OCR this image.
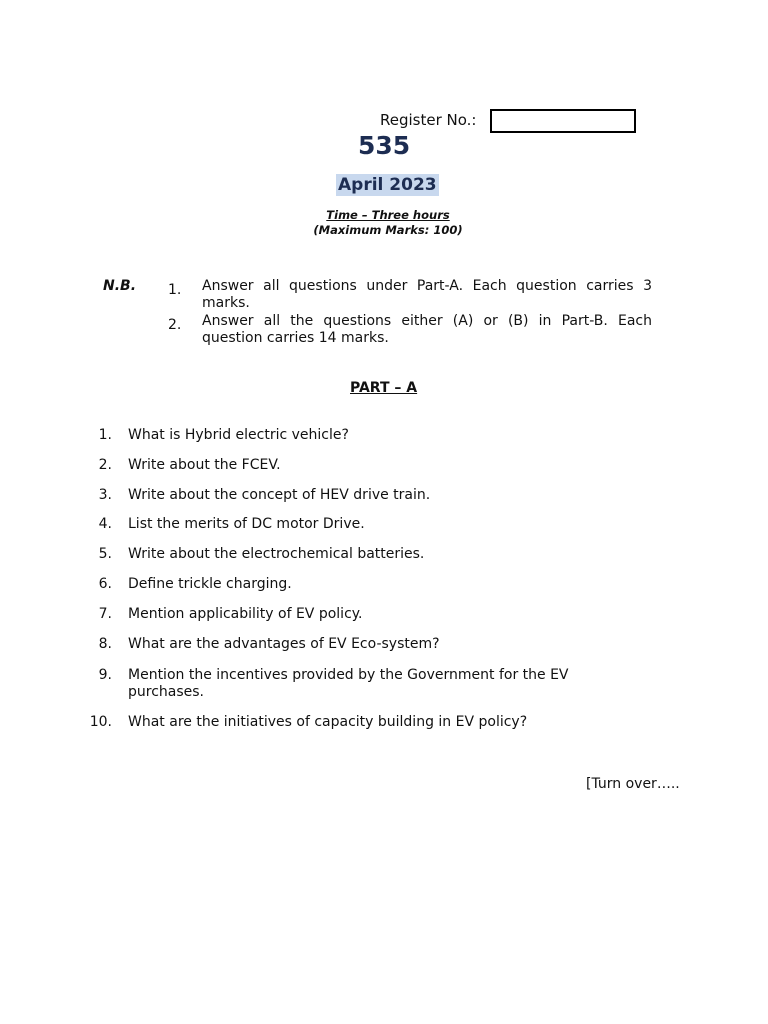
Register No.:
535
April 2023
Time – Three hours
(Maximum Marks: 100)
N.B. 1. Answer all questions under Part-A. Each question carries 3 marks.
2. Answer all the questions either (A) or (B) in Part-B. Each question carries 14 marks.
PART – A
1. What is Hybrid electric vehicle?
2. Write about the FCEV.
3. Write about the concept of HEV drive train.
4. List the merits of DC motor Drive.
5. Write about the electrochemical batteries.
6. Define trickle charging.
7. Mention applicability of EV policy.
8. What are the advantages of EV Eco-system?
9. Mention the incentives provided by the Government for the EV purchases.
10. What are the initiatives of capacity building in EV policy?
[Turn over…..
